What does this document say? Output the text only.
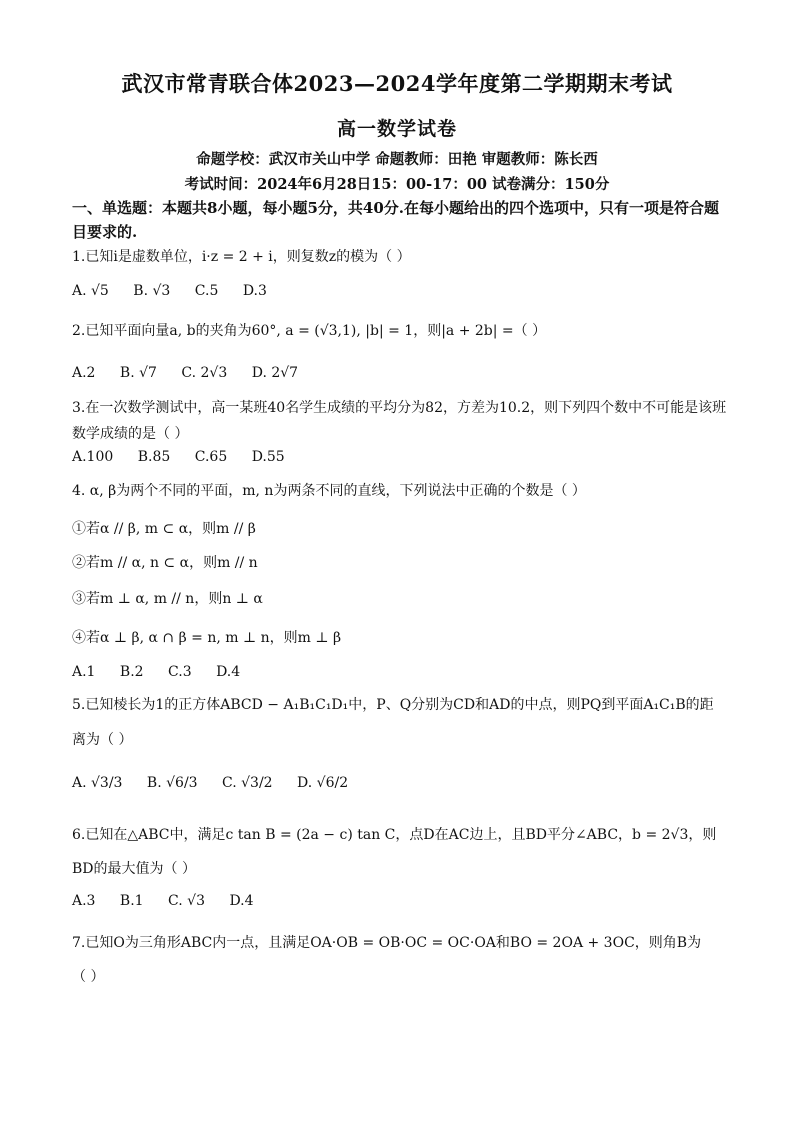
武汉市常青联合体2023—2024学年度第二学期期末考试
高一数学试卷
命题学校：武汉市关山中学 命题教师：田艳 审题教师：陈长西
考试时间：2024年6月28日15：00-17：00 试卷满分：150分
一、单选题：本题共8小题，每小题5分，共40分.在每小题给出的四个选项中，只有一项是符合题目要求的.
1.已知i是虚数单位，i·z = 2 + i，则复数z的模为（ ）
A. √5 B. √3 C.5 D.3
2.已知平面向量a, b的夹角为60°, a = (√3,1), |b| = 1，则|a + 2b| =（ ）
A.2 B. √7 C. 2√3 D. 2√7
3.在一次数学测试中，高一某班40名学生成绩的平均分为82，方差为10.2，则下列四个数中不可能是该班数学成绩的是（ ）
A.100 B.85 C.65 D.55
4. α, β为两个不同的平面，m, n为两条不同的直线，下列说法中正确的个数是（ ）
①若α // β, m ⊂ α，则m // β
②若m // α, n ⊂ α，则m // n
③若m ⊥ α, m // n，则n ⊥ α
④若α ⊥ β, α ∩ β = n, m ⊥ n，则m ⊥ β
A.1 B.2 C.3 D.4
5.已知棱长为1的正方体ABCD − A₁B₁C₁D₁中，P、Q分别为CD和AD的中点，则PQ到平面A₁C₁B的距
离为（ ）
A. √3/3 B. √6/3 C. √3/2 D. √6/2
6.已知在△ABC中，满足c tan B = (2a − c) tan C，点D在AC边上，且BD平分∠ABC，b = 2√3，则
BD的最大值为（ ）
A.3 B.1 C. √3 D.4
7.已知O为三角形ABC内一点，且满足OA·OB = OB·OC = OC·OA和BO = 2OA + 3OC，则角B为
（ ）
